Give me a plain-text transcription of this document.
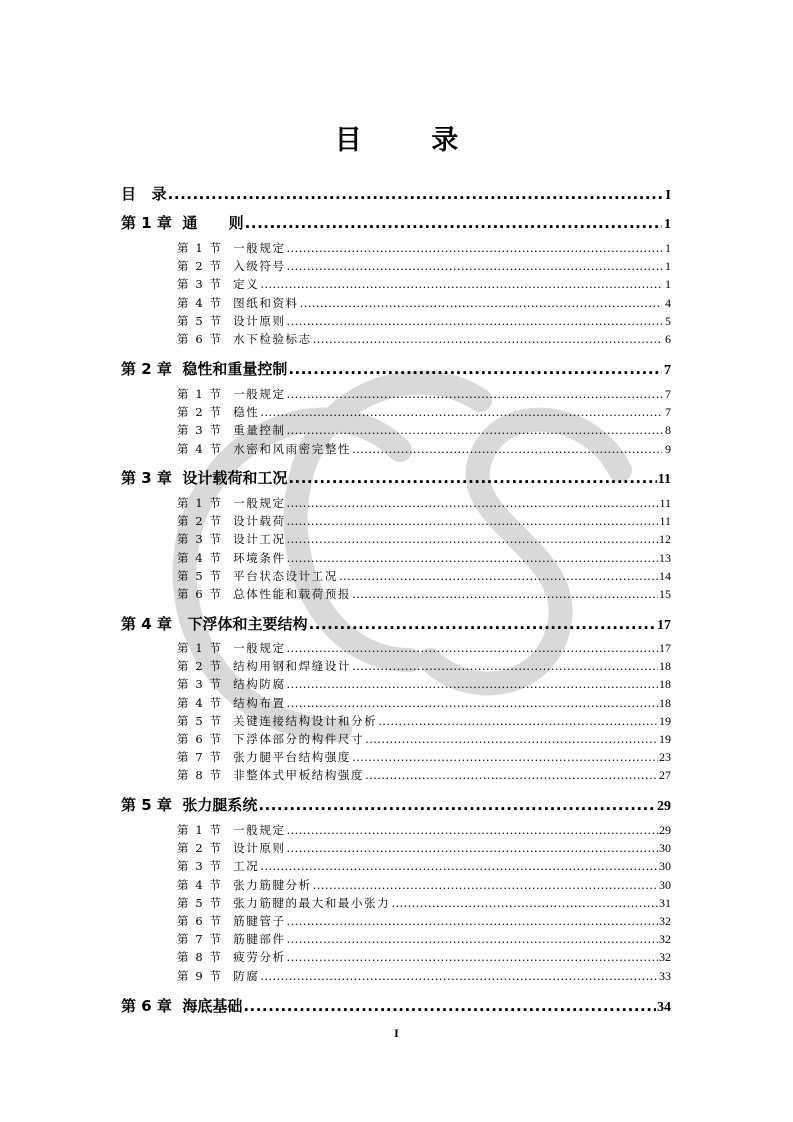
目 录
目   录 .....	I
第 1 章  通      则 .....	1
第 1 节  一般规定 .....	1
第 2 节  入级符号 .....	1
第 3 节  定义 .....	1
第 4 节  图纸和资料 .....	4
第 5 节  设计原则 .....	5
第 6 节  水下检验标志 .....	6
第 2 章  稳性和重量控制 .....	7
第 1 节  一般规定 .....	7
第 2 节  稳性 .....	7
第 3 节  重量控制 .....	8
第 4 节  水密和风雨密完整性 .....	9
第 3 章  设计载荷和工况 .....	11
第 1 节  一般规定 .....	11
第 2 节  设计载荷 .....	11
第 3 节  设计工况 .....	12
第 4 节  环境条件 .....	13
第 5 节  平台状态设计工况 .....	14
第 6 节  总体性能和载荷预报 .....	15
第 4 章   下浮体和主要结构 .....	17
第 1 节  一般规定 .....	17
第 2 节  结构用钢和焊缝设计 .....	18
第 3 节  结构防腐 .....	18
第 4 节  结构布置 .....	18
第 5 节  关键连接结构设计和分析 .....	19
第 6 节  下浮体部分的构件尺寸 .....	19
第 7 节  张力腿平台结构强度 .....	23
第 8 节  非整体式甲板结构强度 .....	27
第 5 章  张力腿系统 .....	29
第 1 节  一般规定 .....	29
第 2 节  设计原则 .....	30
第 3 节  工况 .....	30
第 4 节  张力筋腱分析 .....	30
第 5 节  张力筋腱的最大和最小张力 .....	31
第 6 节  筋腱管子 .....	32
第 7 节  筋腱部件 .....	32
第 8 节  疲劳分析 .....	32
第 9 节  防腐 .....	33
第 6 章  海底基础 .....	34
I
